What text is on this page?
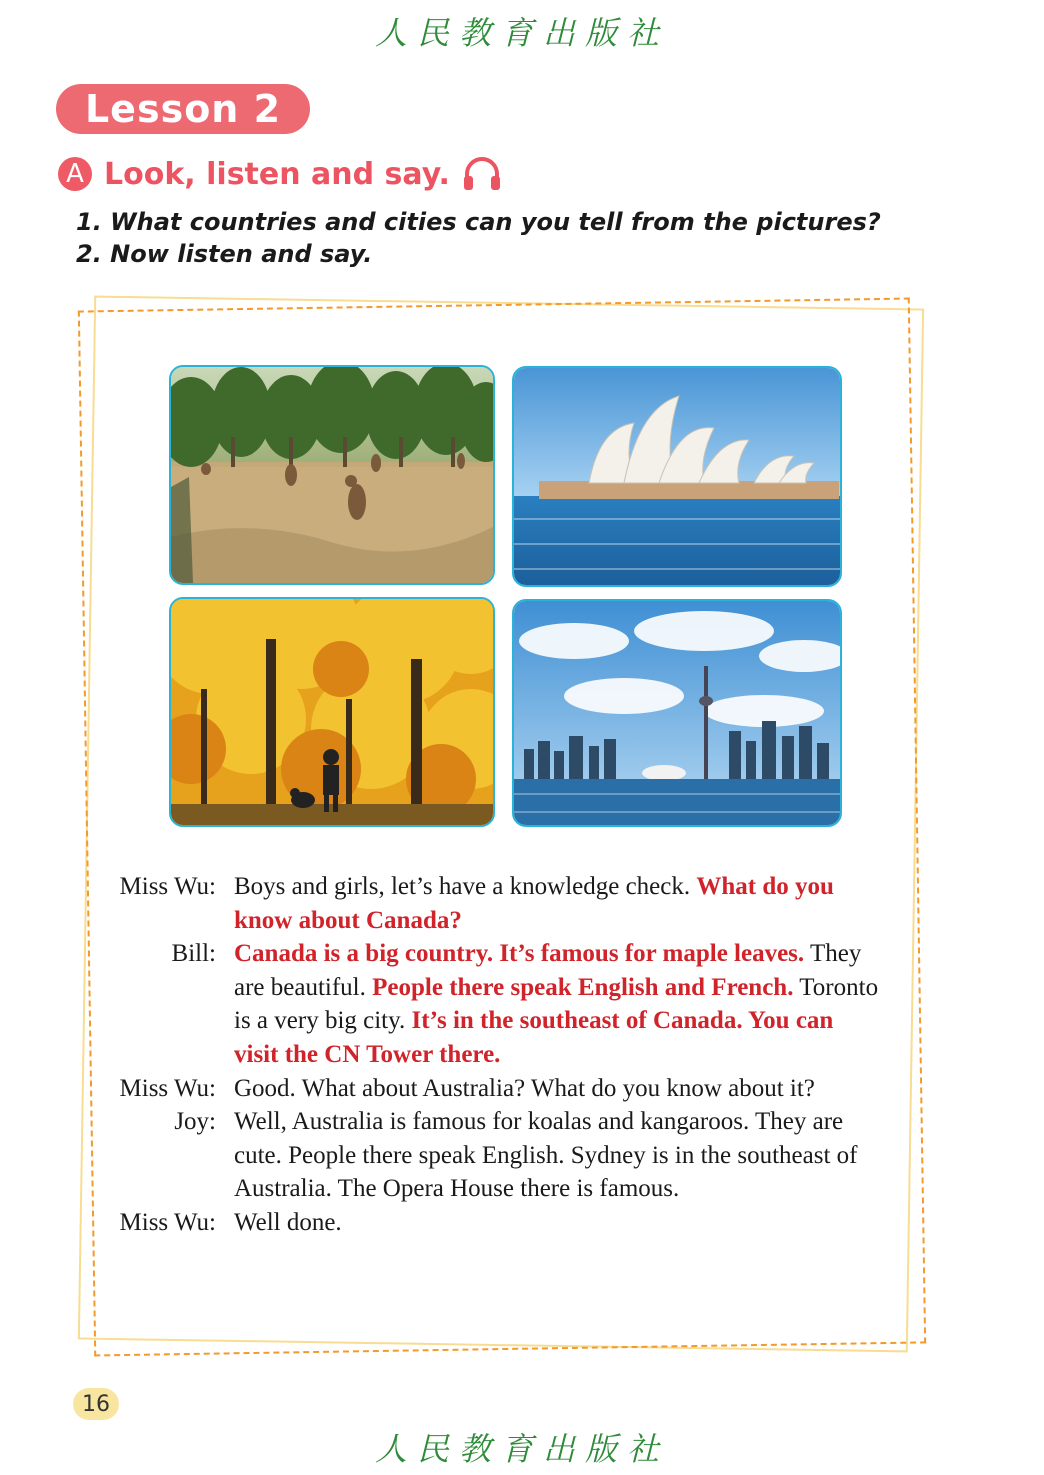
人民教育出版社
Lesson 2
A Look, listen and say.
1. What countries and cities can you tell from the pictures?
2. Now listen and say.
Miss Wu: Boys and girls, let’s have a knowledge check. What do you know about Canada?
Bill: Canada is a big country. It’s famous for maple leaves. They are beautiful. People there speak English and French. Toronto is a very big city. It’s in the southeast of Canada. You can visit the CN Tower there.
Miss Wu: Good. What about Australia? What do you know about it?
Joy: Well, Australia is famous for koalas and kangaroos. They are cute. People there speak English. Sydney is in the southeast of Australia. The Opera House there is famous.
Miss Wu: Well done.
16
人民教育出版社
